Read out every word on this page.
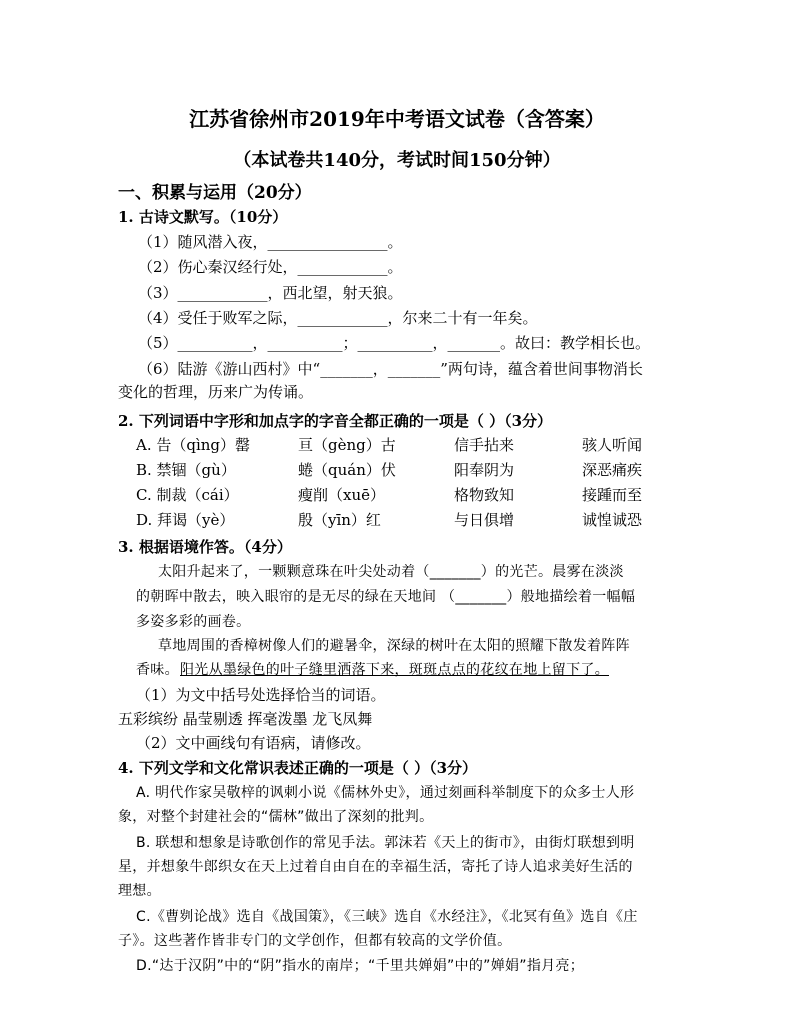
江苏省徐州市2019年中考语文试卷（含答案）
（本试卷共140分，考试时间150分钟）
一、积累与运用（20分）
1. 古诗文默写。（10分）
（1）随风潜入夜，________________。
（2）伤心秦汉经行处，____________。
（3）____________，西北望，射天狼。
（4）受任于败军之际，____________，尔来二十有一年矣。
（5）__________，__________；__________，_______。故曰：教学相长也。
（6）陆游《游山西村》中“_______，_______”两句诗，蕴含着世间事物消长
变化的哲理，历来广为传诵。
2. 下列词语中字形和加点字的字音全都正确的一项是（ ）（3分）
A. 告（qìng）罄	亘（gèng）古	信手拈来	骇人听闻
B. 禁锢（gù）	蜷（quán）伏	阳奉阴为	深恶痛疾
C. 制裁（cái）	瘦削（xuē）	格物致知	接踵而至
D. 拜谒（yè）	殷（yīn）红	与日俱增	诚惶诚恐
3. 根据语境作答。（4分）
太阳升起来了，一颗颗意珠在叶尖处动着（_______）的光芒。晨雾在淡淡
的朝晖中散去，映入眼帘的是无尽的绿在天地间 （_______）般地描绘着一幅幅
多姿多彩的画卷。
草地周围的香樟树像人们的避暑伞，深绿的树叶在太阳的照耀下散发着阵阵
香味。 阳光从墨绿色的叶子缝里洒落下来，斑斑点点的花纹在地上留下了。
（1）为文中括号处选择恰当的词语。
五彩缤纷 晶莹剔透 挥毫泼墨 龙飞凤舞
（2）文中画线句有语病，请修改。
4. 下列文学和文化常识表述正确的一项是（ ）（3分）
A. 明代作家吴敬梓的讽刺小说《儒林外史》，通过刻画科举制度下的众多士人形
象，对整个封建社会的“儒林”做出了深刻的批判。
B. 联想和想象是诗歌创作的常见手法。郭沫若《天上的街市》，由街灯联想到明
星，并想象牛郎织女在天上过着自由自在的幸福生活，寄托了诗人追求美好生活的
理想。
C.《曹刿论战》选自《战国策》，《三峡》选自《水经注》，《北冥有鱼》选自《庄
子》。这些著作皆非专门的文学创作，但都有较高的文学价值。
D.“达于汉阴”中的“阴”指水的南岸；“千里共婵娟”中的”婵娟”指月亮；
